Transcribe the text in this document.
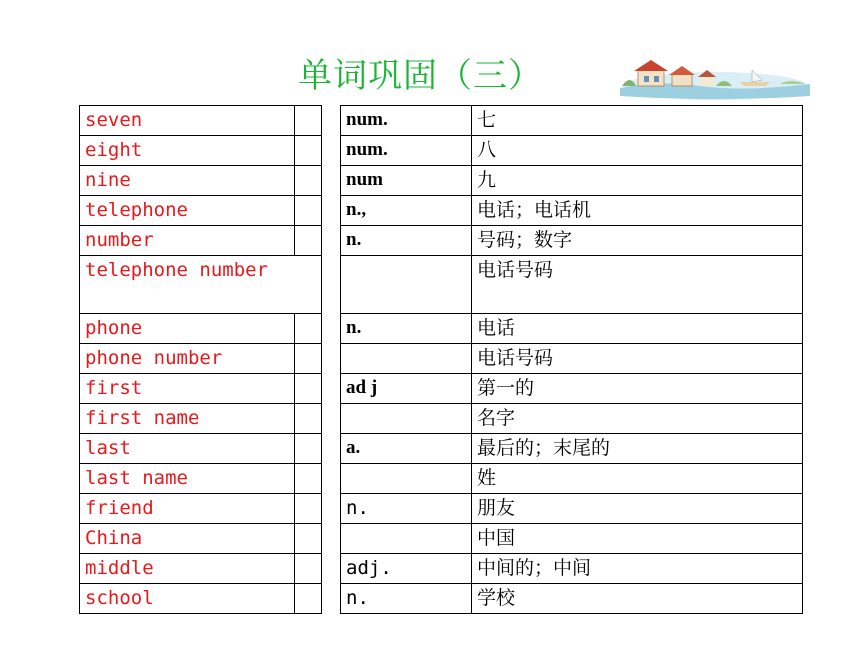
单词巩固（三）
seven			num.	七
eight			num.	八
nine			num	九
telephone			n.,	电话；电话机
number			n.	号码；数字
telephone number				电话号码
phone			n.	电话
phone number				电话号码
first			ad j	第一的
first name				名字
last			a.	最后的；末尾的
last name				姓
friend			n.	朋友
China				中国
middle			adj.	中间的；中间
school			n.	学校
